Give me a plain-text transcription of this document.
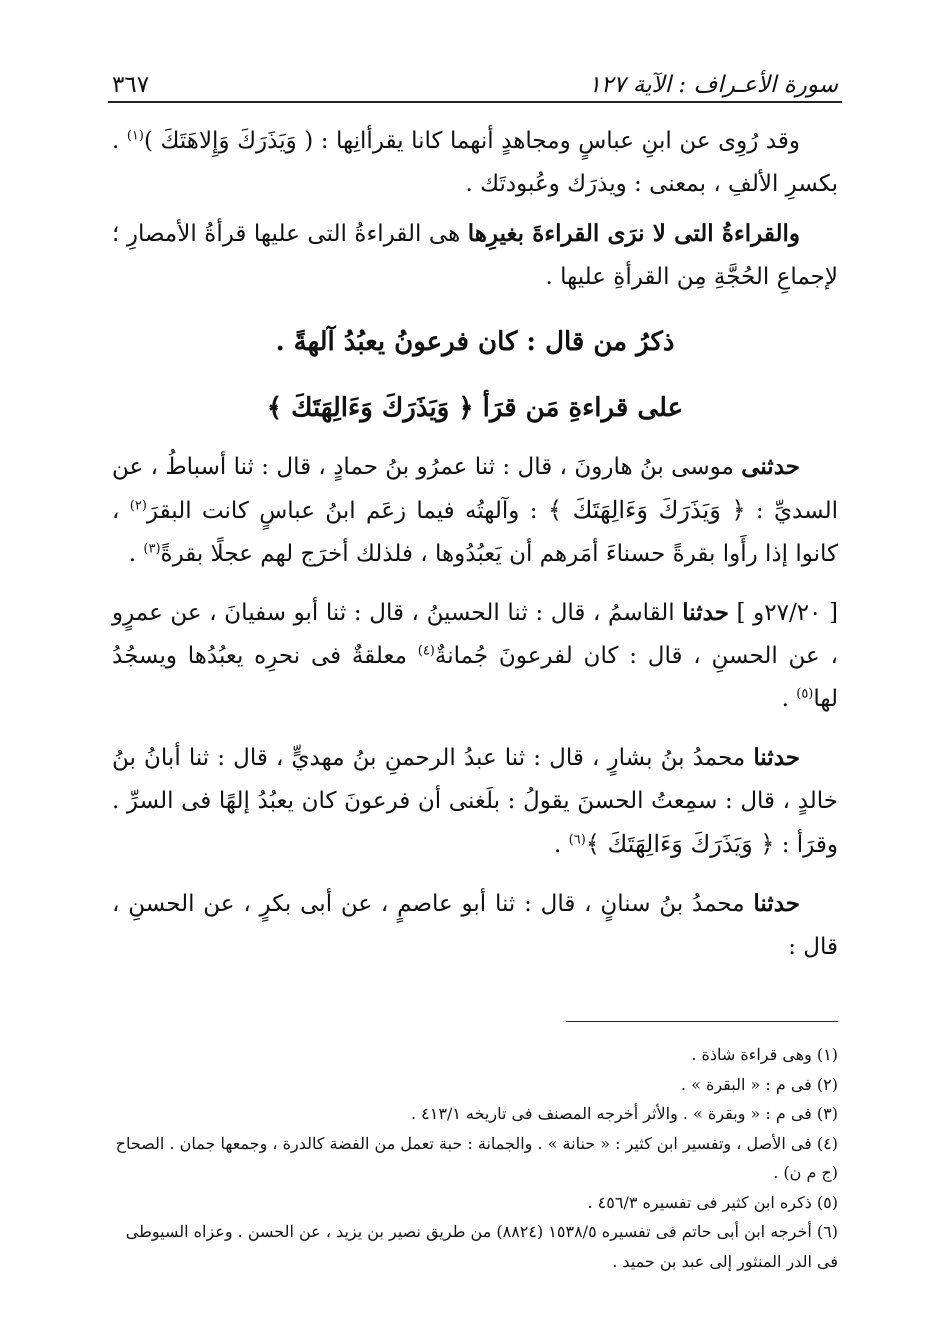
سورة الأعـراف : الآية ١٢٧
٣٦٧

وقد رُوِى عن ابنِ عباسٍ ومجاهدٍ أنهما كانا يقرأانِها : ( وَيَذَرَكَ وَإِلاهَتَكَ )$^{(١)}$ . بكسرِ الألفِ ، بمعنى : ويذرَك وعُبودتَك .

والقراءةُ التى لا نرَى القراءةَ بغيرِها هى القراءةُ التى عليها قرأةُ الأمصارِ ؛ لإجماعِ الحُجَّةِ مِن القرأةِ عليها .

ذكرُ من قال : كان فرعونُ يعبُدُ آلهةً .
على قراءةِ مَن قرَأ ﴿ وَيَذَرَكَ وَءَالِهَتَكَ ﴾

حدثنى موسى بنُ هارونَ ، قال : ثنا عمرُو بنُ حمادٍ ، قال : ثنا أسباطُ ، عن السديِّ : ﴿ وَيَذَرَكَ وَءَالِهَتَكَ ﴾ : وآلهتُه فيما زعَم ابنُ عباسٍ كانت البقرَ$^{(٢)}$ ، كانوا إذا رأَوا بقرةً حسناءَ أمَرهم أن يَعبُدُوها ، فلذلك أخرَج لهم عجلًا بقرةً$^{(٣)}$ .

[ ٢٧/٢٠و ] حدثنا القاسمُ ، قال : ثنا الحسينُ ، قال : ثنا أبو سفيانَ ، عن عمرٍو ، عن الحسنِ ، قال : كان لفرعونَ جُمانةٌ$^{(٤)}$ معلقةٌ فى نحرِه يعبُدُها ويسجُدُ لها$^{(٥)}$ .

حدثنا محمدُ بنُ بشارٍ ، قال : ثنا عبدُ الرحمنِ بنُ مهديٍّ ، قال : ثنا أبانُ بنُ خالدٍ ، قال : سمِعتُ الحسنَ يقولُ : بلَغنى أن فرعونَ كان يعبُدُ إلهًا فى السرِّ . وقرَأ : ﴿ وَيَذَرَكَ وَءَالِهَتَكَ ﴾$^{(٦)}$ .

حدثنا محمدُ بنُ سنانٍ ، قال : ثنا أبو عاصمٍ ، عن أبى بكرٍ ، عن الحسنِ ، قال :

(١) وهى قراءة شاذة .
(٢) فى م : « البقرة » .
(٣) فى م : « وبقرة » . والأثر أخرجه المصنف فى تاريخه ٤١٣/١ .
(٤) فى الأصل ، وتفسير ابن كثير : « حنانة » . والجمانة : حبة تعمل من الفضة كالدرة ، وجمعها جمان . الصحاح (ج م ن) .
(٥) ذكره ابن كثير فى تفسيره ٤٥٦/٣ .
(٦) أخرجه ابن أبى حاتم فى تفسيره ١٥٣٨/٥ (٨٨٢٤) من طريق نصير بن يزيد ، عن الحسن . وعزاه السيوطى فى الدر المنثور إلى عبد بن حميد .
